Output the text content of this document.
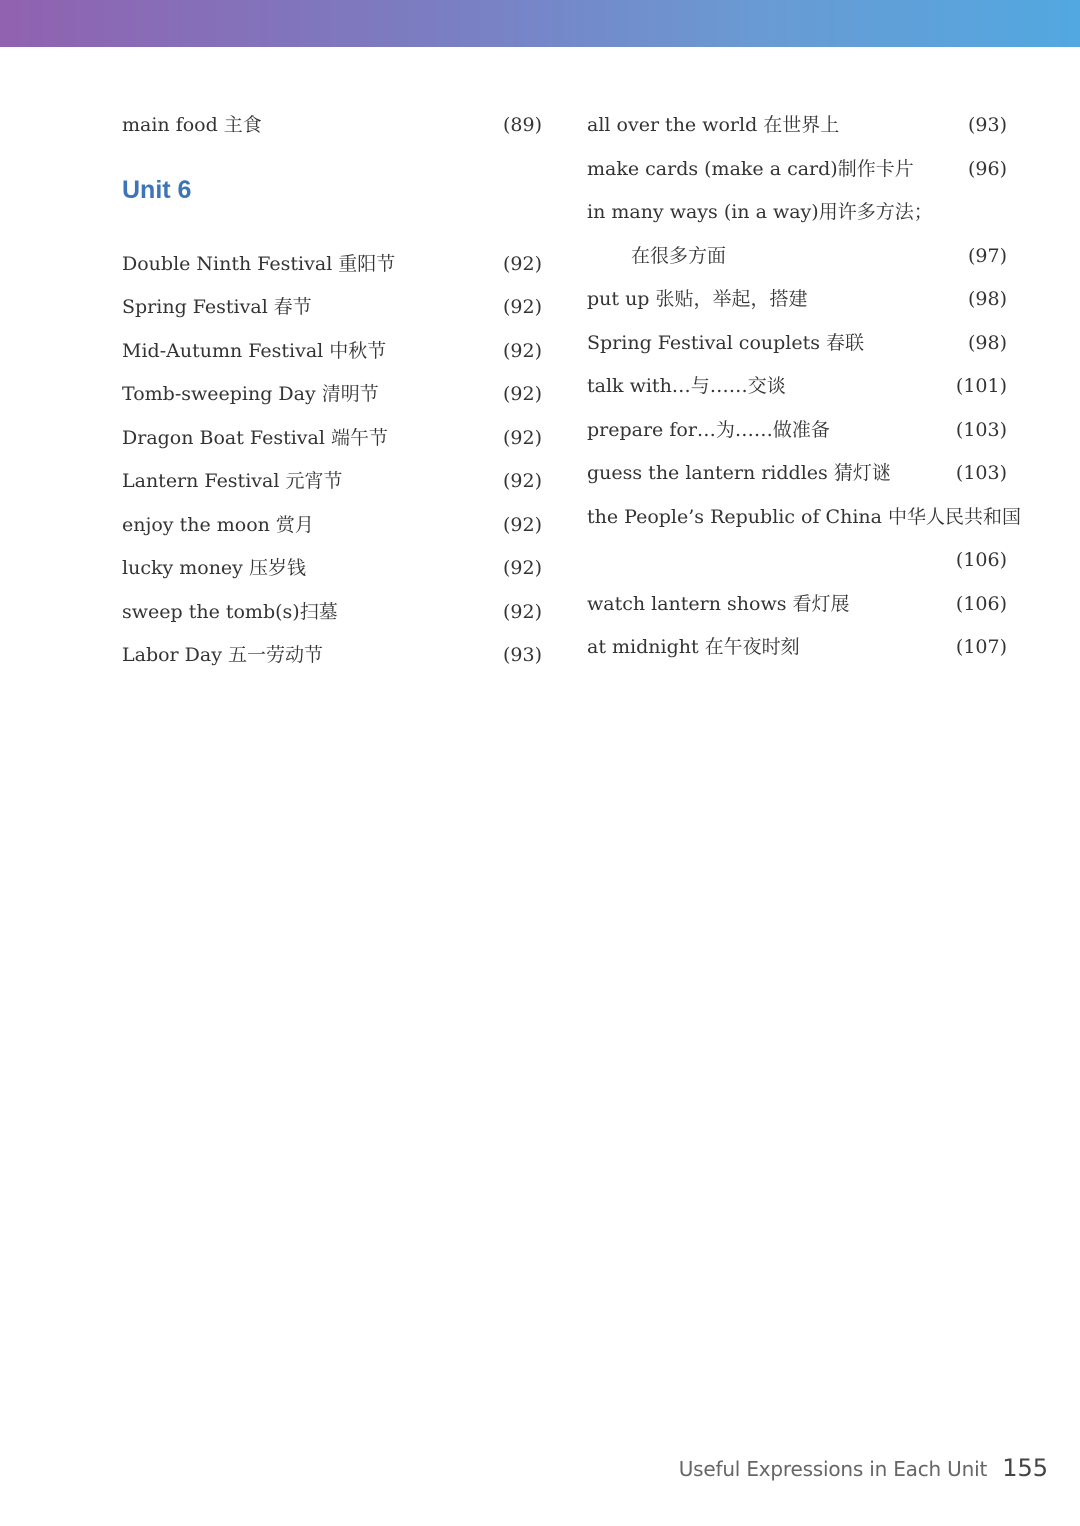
main food 主食	(89)
Unit 6
Double Ninth Festival 重阳节	(92)
Spring Festival 春节	(92)
Mid-Autumn Festival 中秋节	(92)
Tomb-sweeping Day 清明节	(92)
Dragon Boat Festival 端午节	(92)
Lantern Festival 元宵节	(92)
enjoy the moon 赏月	(92)
lucky money 压岁钱	(92)
sweep the tomb(s)扫墓	(92)
Labor Day 五一劳动节	(93)
all over the world 在世界上	(93)
make cards (make a card)制作卡片	(96)
in many ways (in a way)用许多方法；
在很多方面	(97)
put up 张贴，举起，搭建	(98)
Spring Festival couplets 春联	(98)
talk with…与……交谈	(101)
prepare for…为……做准备	(103)
guess the lantern riddles 猜灯谜	(103)
the People’s Republic of China 中华人民共和国
(106)
watch lantern shows 看灯展	(106)
at midnight 在午夜时刻	(107)
Useful Expressions in Each Unit 155
